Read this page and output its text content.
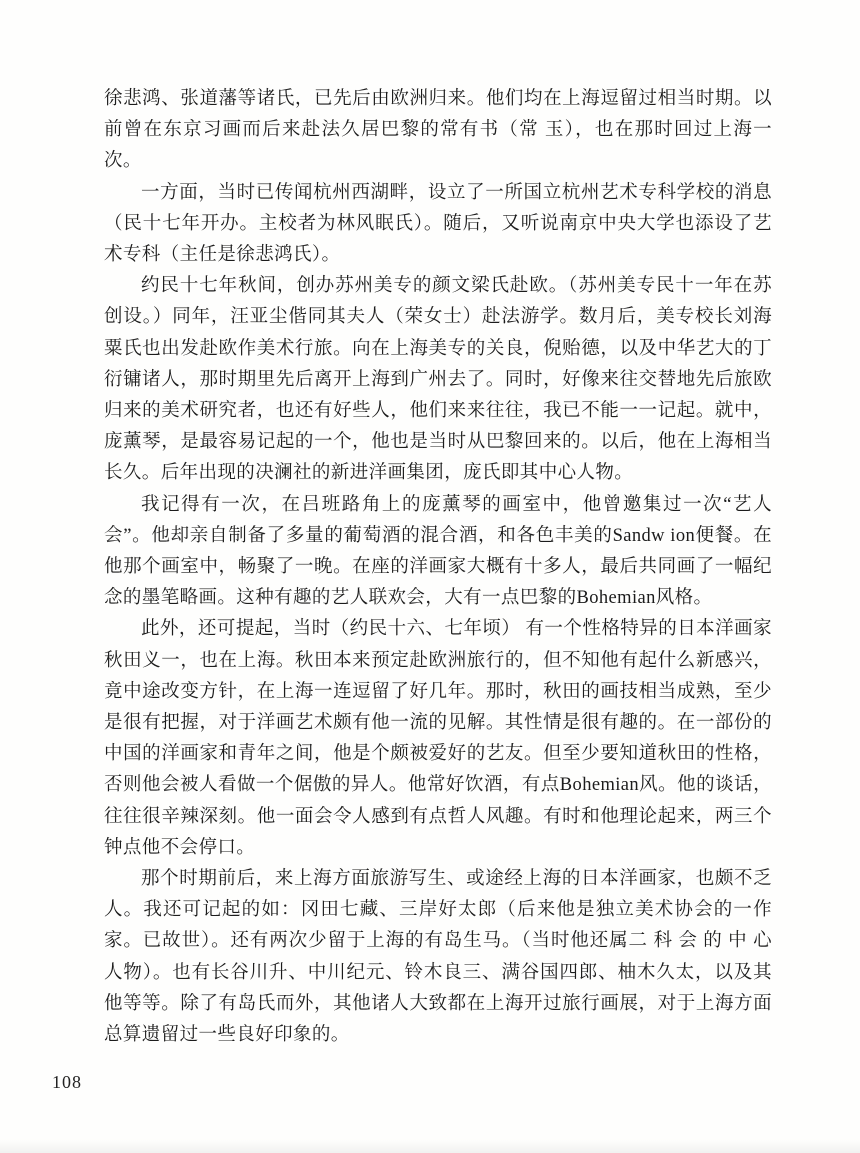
徐悲鸿、张道藩等诸氏，已先后由欧洲归来。他们均在上海逗留过相当时期。以前曾在东京习画而后来赴法久居巴黎的常有书（常 玉），也在那时回过上海一次。

一方面，当时已传闻杭州西湖畔，设立了一所国立杭州艺术专科学校的消息（民十七年开办。主校者为林风眠氏）。随后，又听说南京中央大学也添设了艺术专科（主任是徐悲鸿氏）。

约民十七年秋间，创办苏州美专的颜文梁氏赴欧。（苏州美专民十一年在苏创设。）同年，汪亚尘偕同其夫人（荣女士）赴法游学。数月后，美专校长刘海粟氏也出发赴欧作美术行旅。向在上海美专的关良，倪贻德，以及中华艺大的丁衍镛诸人，那时期里先后离开上海到广州去了。同时，好像来往交替地先后旅欧归来的美术研究者，也还有好些人，他们来来往往，我已不能一一记起。就中，庞薰琴，是最容易记起的一个，他也是当时从巴黎回来的。以后，他在上海相当长久。后年出现的决澜社的新进洋画集团，庞氏即其中心人物。

我记得有一次，在吕班路角上的庞薰琴的画室中，他曾邀集过一次“艺人会”。他却亲自制备了多量的葡萄酒的混合酒，和各色丰美的Sandw ion便餐。在他那个画室中，畅聚了一晚。在座的洋画家大概有十多人，最后共同画了一幅纪念的墨笔略画。这种有趣的艺人联欢会，大有一点巴黎的Bohemian风格。

此外，还可提起，当时（约民十六、七年顷） 有一个性格特异的日本洋画家秋田义一，也在上海。秋田本来预定赴欧洲旅行的，但不知他有起什么新感兴，竟中途改变方针，在上海一连逗留了好几年。那时，秋田的画技相当成熟，至少是很有把握，对于洋画艺术颇有他一流的见解。其性情是很有趣的。在一部份的中国的洋画家和青年之间，他是个颇被爱好的艺友。但至少要知道秋田的性格，否则他会被人看做一个倨傲的异人。他常好饮酒，有点Bohemian风。他的谈话，往往很辛辣深刻。他一面会令人感到有点哲人风趣。有时和他理论起来，两三个钟点他不会停口。

那个时期前后，来上海方面旅游写生、或途经上海的日本洋画家，也颇不乏人。我还可记起的如：冈田七藏、三岸好太郎（后来他是独立美术协会的一作家。已故世）。还有两次少留于上海的有岛生马。（当时他还属二 科 会 的 中 心人物）。也有长谷川升、中川纪元、铃木良三、满谷国四郎、柚木久太，以及其他等等。除了有岛氏而外，其他诸人大致都在上海开过旅行画展，对于上海方面总算遗留过一些良好印象的。

108
